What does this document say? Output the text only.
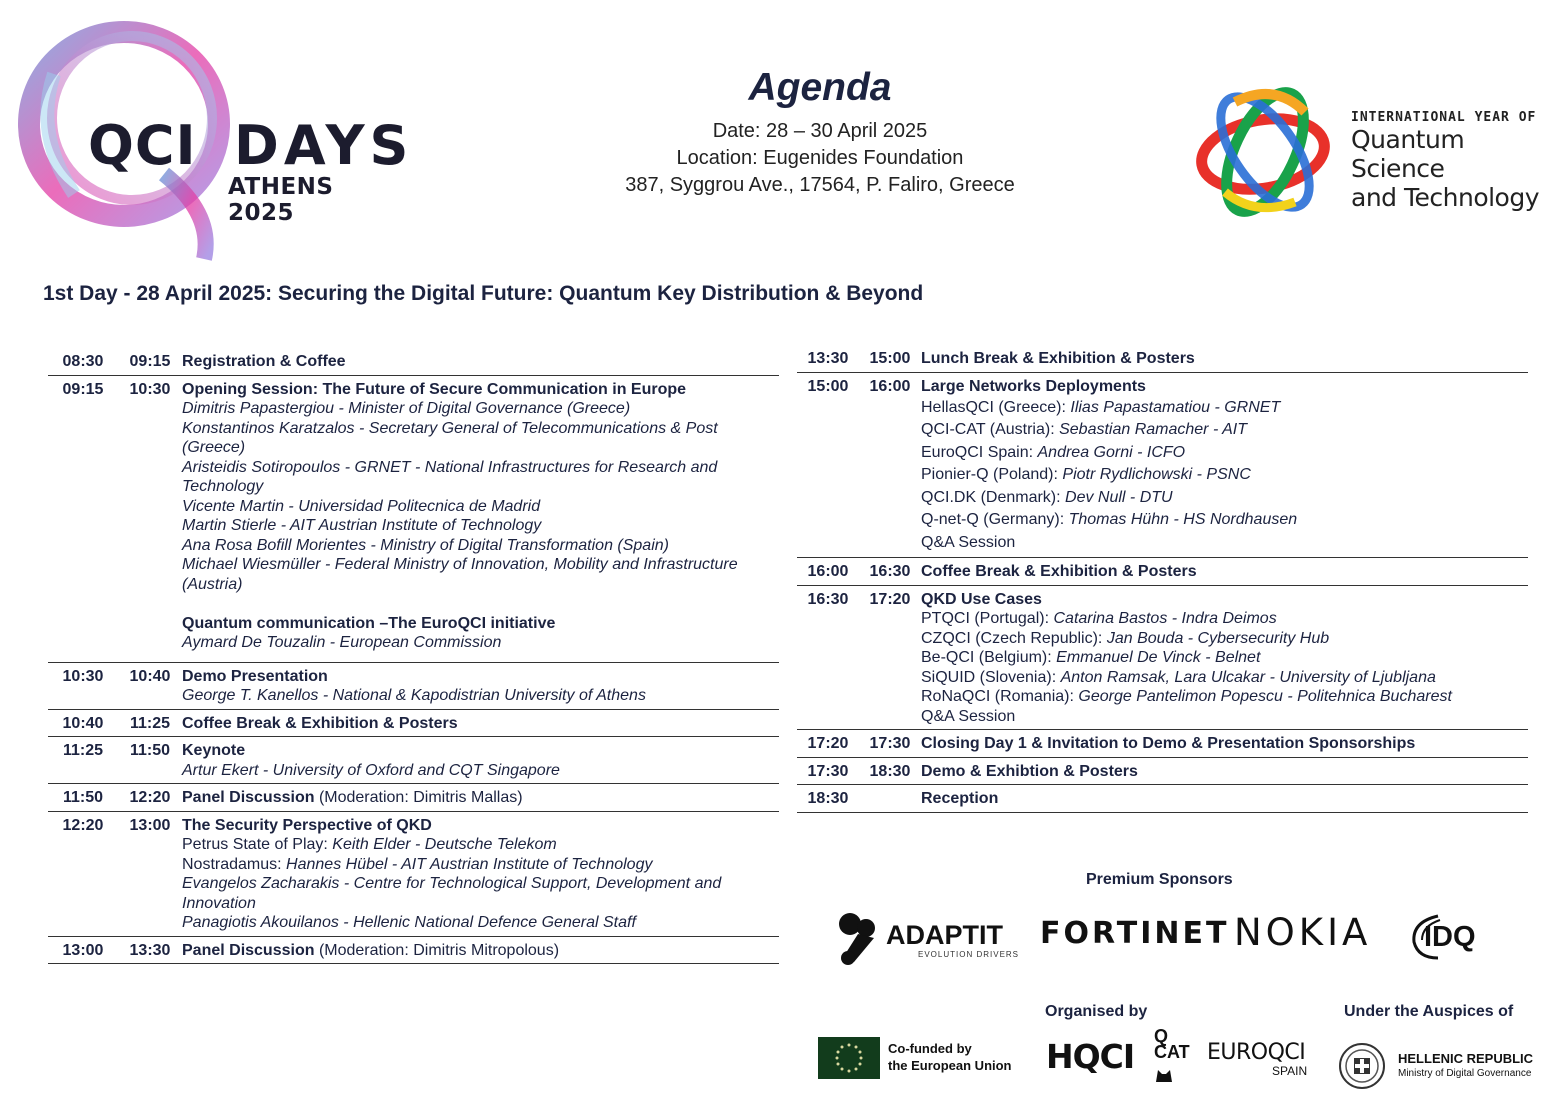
QCI DAYS
ATHENS 2025
Agenda
Date: 28 – 30 April 2025
Location: Eugenides Foundation
387, Syggrou Ave., 17564, P. Faliro, Greece
INTERNATIONAL YEAR OF
Quantum Science
and Technology
1st Day - 28 April 2025: Securing the Digital Future: Quantum Key Distribution & Beyond
08:30	09:15 Registration & Coffee
09:15	10:30 Opening Session: The Future of Secure Communication in Europe
Dimitris Papastergiou - Minister of Digital Governance (Greece)
Konstantinos Karatzalos - Secretary General of Telecommunications & Post (Greece)
Aristeidis Sotiropoulos - GRNET - National Infrastructures for Research and Technology
Vicente Martin - Universidad Politecnica de Madrid
Martin Stierle - AIT Austrian Institute of Technology
Ana Rosa Bofill Morientes - Ministry of Digital Transformation (Spain)
Michael Wiesmüller - Federal Ministry of Innovation, Mobility and Infrastructure (Austria)
Quantum communication –The EuroQCI initiative
Aymard De Touzalin - European Commission
10:30	10:40 Demo Presentation
George T. Kanellos - National & Kapodistrian University of Athens
10:40	11:25 Coffee Break & Exhibition & Posters
11:25	11:50 Keynote
Artur Ekert - University of Oxford and CQT Singapore
11:50	12:20 Panel Discussion (Moderation: Dimitris Mallas)
12:20	13:00 The Security Perspective of QKD
Petrus State of Play: Keith Elder - Deutsche Telekom
Nostradamus: Hannes Hübel - AIT Austrian Institute of Technology
Evangelos Zacharakis - Centre for Technological Support, Development and Innovation
Panagiotis Akouilanos - Hellenic National Defence General Staff
13:00	13:30 Panel Discussion (Moderation: Dimitris Mitropolous)
13:30	15:00 Lunch Break & Exhibition & Posters
15:00	16:00 Large Networks Deployments
HellasQCI (Greece): Ilias Papastamatiou - GRNET
QCI-CAT (Austria): Sebastian Ramacher - AIT
EuroQCI Spain: Andrea Gorni - ICFO
Pionier-Q (Poland): Piotr Rydlichowski - PSNC
QCI.DK (Denmark): Dev Null - DTU
Q-net-Q (Germany): Thomas Hühn - HS Nordhausen
Q&A Session
16:00	16:30 Coffee Break & Exhibition & Posters
16:30	17:20 QKD Use Cases
PTQCI (Portugal): Catarina Bastos - Indra Deimos
CZQCI (Czech Republic): Jan Bouda - Cybersecurity Hub
Be-QCI (Belgium): Emmanuel De Vinck - Belnet
SiQUID (Slovenia): Anton Ramsak, Lara Ulcakar - University of Ljubljana
RoNaQCI (Romania): George Pantelimon Popescu - Politehnica Bucharest
Q&A Session
17:20	17:30 Closing Day 1 & Invitation to Demo & Presentation Sponsorships
17:30	18:30 Demo & Exhibtion & Posters
18:30	Reception
Premium Sponsors
ADAPTIT
EVOLUTION DRIVERS
FORTINET NOKIA IDQ
Organised by	Under the Auspices of
Co-funded by
the European Union HQCI
Q
CAT EUROQCI
SPAIN
HELLENIC REPUBLIC
Ministry of Digital Governance
